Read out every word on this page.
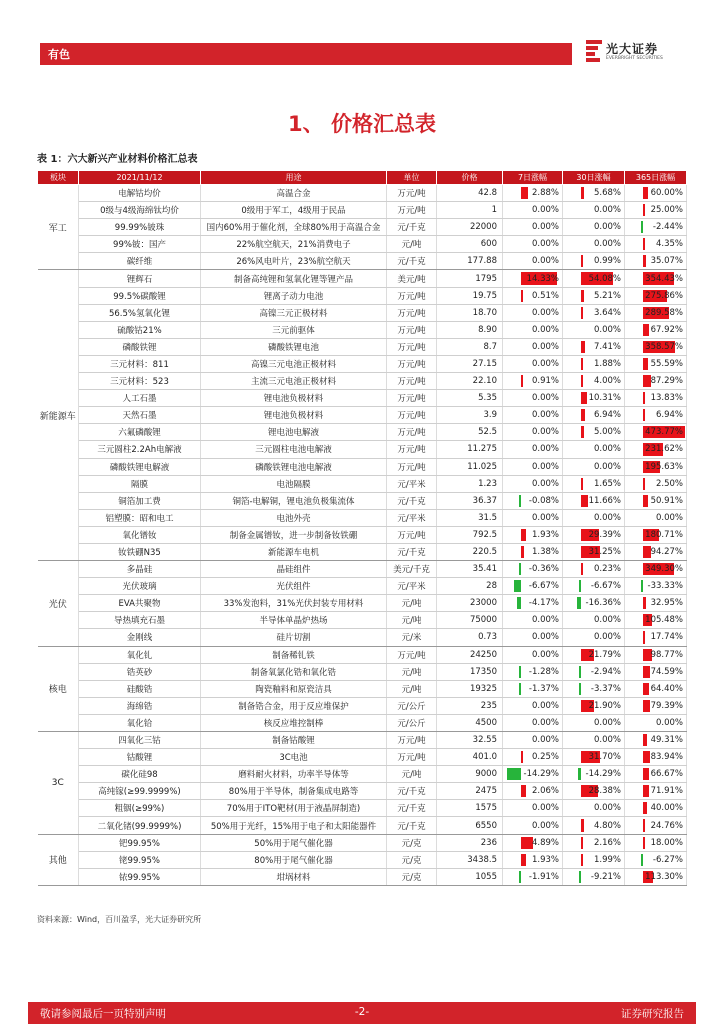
有色	光大证券
EVERBRIGHT SECURITIES
1、 价格汇总表
表 1：六大新兴产业材料价格汇总表
板块	2021/11/12	用途	单位	价格	7日涨幅	30日涨幅	365日涨幅
军工	电解钴均价	高温合金	万元/吨	42.8	2.88%	5.68%	60.00%
	0级与4级海绵钛均价	0级用于军工，4级用于民品	万元/吨	1	0.00%	0.00%	25.00%
	99.99%铍珠	国内60%用于催化剂，全球80%用于高温合金	元/千克	22000	0.00%	0.00%	-2.44%
	99%铍：国产	22%航空航天，21%消费电子	元/吨	600	0.00%	0.00%	4.35%
	碳纤维	26%风电叶片，23%航空航天	元/千克	177.88	0.00%	0.99%	35.07%
新能源车	锂辉石	制备高纯锂和氢氧化锂等锂产品	美元/吨	1795	14.33%	54.08%	354.43%
	99.5%碳酸锂	锂离子动力电池	万元/吨	19.75	0.51%	5.21%	275.86%
	56.5%氢氧化锂	高镍三元正极材料	万元/吨	18.70	0.00%	3.64%	289.58%
	硫酸钴21%	三元前驱体	万元/吨	8.90	0.00%	0.00%	67.92%
	磷酸铁锂	磷酸铁锂电池	万元/吨	8.7	0.00%	7.41%	358.57%
	三元材料：811	高镍三元电池正极材料	万元/吨	27.15	0.00%	1.88%	55.59%
	三元材料：523	主流三元电池正极材料	万元/吨	22.10	0.91%	4.00%	87.29%
	人工石墨	锂电池负极材料	万元/吨	5.35	0.00%	10.31%	13.83%
	天然石墨	锂电池负极材料	万元/吨	3.9	0.00%	6.94%	6.94%
	六氟磷酸锂	锂电池电解液	万元/吨	52.5	0.00%	5.00%	473.77%
	三元圆柱2.2Ah电解液	三元圆柱电池电解液	万元/吨	11.275	0.00%	0.00%	231.62%
	磷酸铁锂电解液	磷酸铁锂电池电解液	万元/吨	11.025	0.00%	0.00%	195.63%
	隔膜	电池隔膜	元/平米	1.23	0.00%	1.65%	2.50%
	铜箔加工费	铜箔-电解铜，锂电池负极集流体	元/千克	36.37	-0.08%	11.66%	50.91%
	铝塑膜：昭和电工	电池外壳	元/平米	31.5	0.00%	0.00%	0.00%
	氧化镨钕	制备金属镨钕，进一步制备钕铁硼	万元/吨	792.5	1.93%	29.39%	180.71%
	钕铁硼N35	新能源车电机	元/千克	220.5	1.38%	31.25%	94.27%
光伏	多晶硅	晶硅组件	美元/千克	35.41	-0.36%	0.23%	349.30%
	光伏玻璃	光伏组件	元/平米	28	-6.67%	-6.67%	-33.33%
	EVA共聚物	33%发泡料，31%光伏封装专用材料	元/吨	23000	-4.17%	-16.36%	32.95%
	导热填充石墨	半导体单晶炉热场	元/吨	75000	0.00%	0.00%	105.48%
	金刚线	硅片切割	元/米	0.73	0.00%	0.00%	17.74%
核电	氧化钆	制备稀钆铁	万元/吨	24250	0.00%	21.79%	98.77%
	锆英砂	制备氧氯化锆和氧化锆	元/吨	17350	-1.28%	-2.94%	74.59%
	硅酸锆	陶瓷釉料和原瓷洁具	元/吨	19325	-1.37%	-3.37%	64.40%
	海绵锆	制备锆合金，用于反应堆保护	元/公斤	235	0.00%	21.90%	79.39%
	氧化铪	核反应堆控制棒	元/公斤	4500	0.00%	0.00%	0.00%
3C	四氧化三钴	制备钴酸锂	万元/吨	32.55	0.00%	0.00%	49.31%
	钴酸锂	3C电池	万元/吨	401.0	0.25%	31.70%	83.94%
	碳化硅98	磨料耐火材料，功率半导体等	元/吨	9000	-14.29%	-14.29%	66.67%
	高纯镓(≥99.9999%)	80%用于半导体，制备集成电路等	元/千克	2475	2.06%	28.38%	71.91%
	粗铟(≥99%)	70%用于ITO靶材(用于液晶屏制造)	元/千克	1575	0.00%	0.00%	40.00%
	二氧化锗(99.9999%)	50%用于光纤，15%用于电子和太阳能器件	元/千克	6550	0.00%	4.80%	24.76%
其他	钯99.95%	50%用于尾气催化器	元/克	236	4.89%	2.16%	18.00%
	铑99.95%	80%用于尾气催化器	元/克	3438.5	1.93%	1.99%	-6.27%
	铱99.95%	坩埚材料	元/克	1055	-1.91%	-9.21%	113.30%
资料来源：Wind，百川盈孚，光大证券研究所
敬请参阅最后一页特别声明	-2-	证券研究报告
